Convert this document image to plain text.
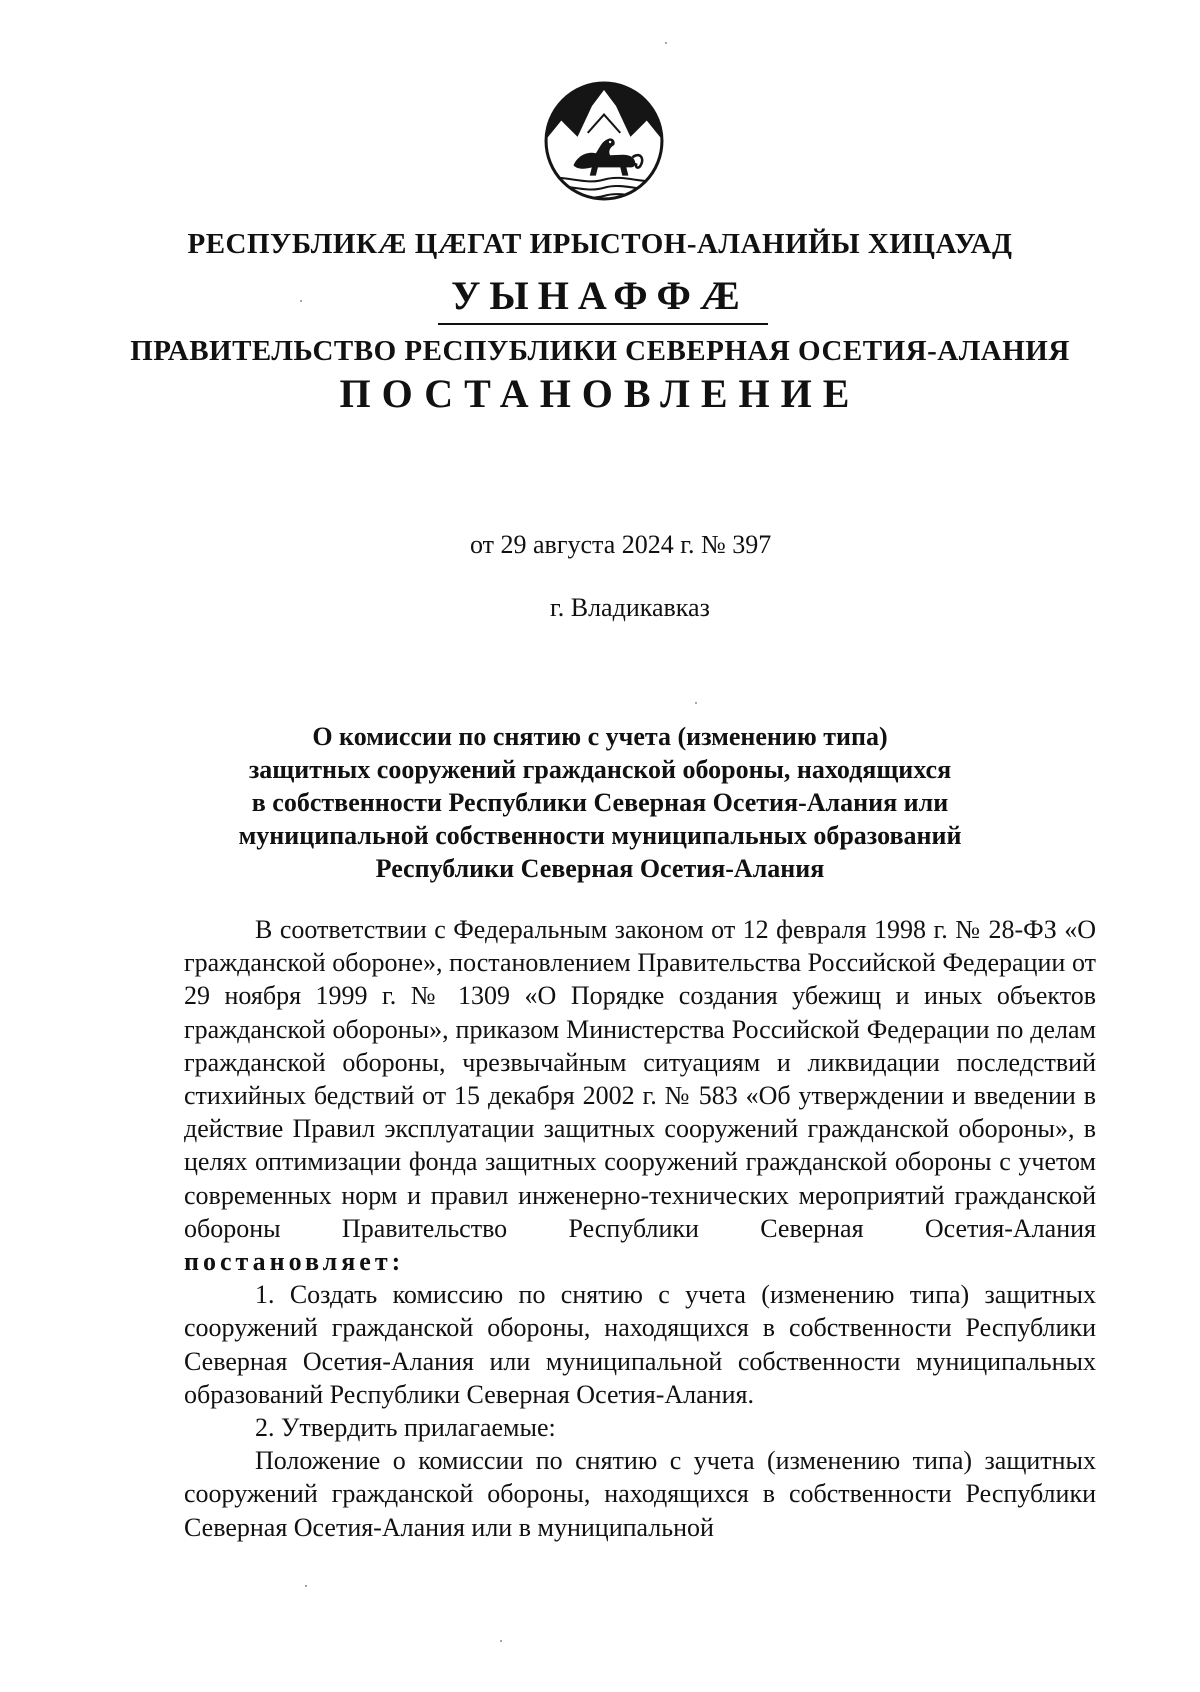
РЕСПУБЛИКӔ ЦӔГАТ ИРЫСТОН-АЛАНИЙЫ ХИЦАУАД
УЫНАФФӔ
ПРАВИТЕЛЬСТВО РЕСПУБЛИКИ СЕВЕРНАЯ ОСЕТИЯ-АЛАНИЯ
ПОСТАНОВЛЕНИЕ
от 29 августа 2024 г. № 397
г. Владикавказ
О комиссии по снятию с учета (изменению типа)
защитных сооружений гражданской обороны, находящихся
в собственности Республики Северная Осетия-Алания или
муниципальной собственности муниципальных образований
Республики Северная Осетия-Алания

В соответствии с Федеральным законом от 12 февраля 1998 г. № 28-ФЗ «О гражданской обороне», постановлением Правительства Российской Федерации от 29 ноября 1999 г. № 1309 «О Порядке создания убежищ и иных объектов гражданской обороны», приказом Министерства Российской Федерации по делам гражданской обороны, чрезвычайным ситуациям и ликвидации последствий стихийных бедствий от 15 декабря 2002 г. № 583 «Об утверждении и введении в действие Правил эксплуатации защитных сооружений гражданской обороны», в целях оптимизации фонда защитных сооружений гражданской обороны с учетом современных норм и правил инженерно-технических мероприятий гражданской обороны Правительство Республики Северная Осетия-Алания постановляет:

1. Создать комиссию по снятию с учета (изменению типа) защитных сооружений гражданской обороны, находящихся в собственности Республики Северная Осетия-Алания или муниципальной собственности муниципальных образований Республики Северная Осетия-Алания.

2. Утвердить прилагаемые:

Положение о комиссии по снятию с учета (изменению типа) защитных сооружений гражданской обороны, находящихся в собственности Республики Северная Осетия-Алания или в муниципальной
